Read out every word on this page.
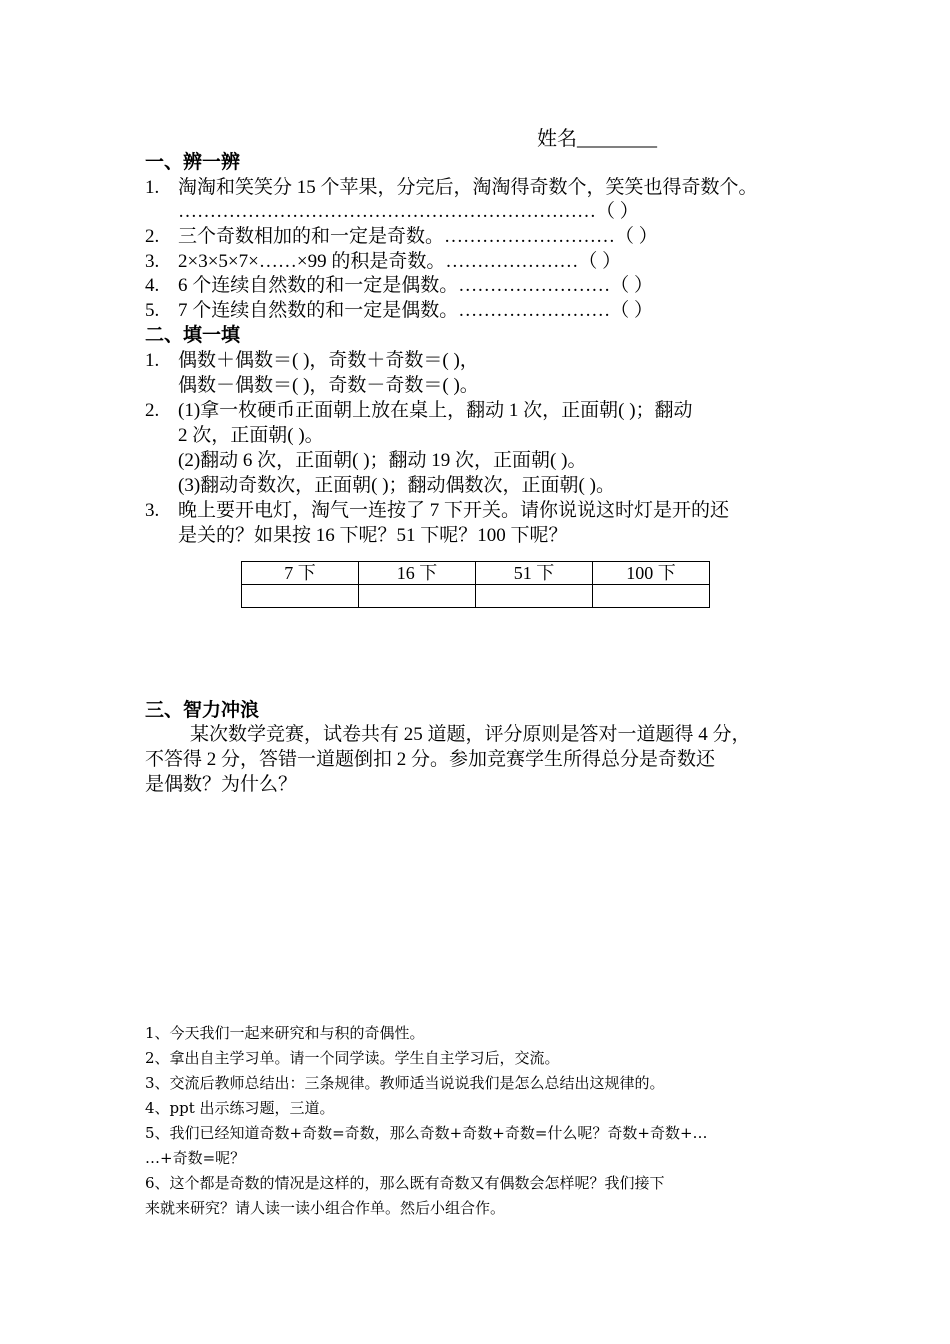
姓名________
一、辨一辨
1. 淘淘和笑笑分 15 个苹果，分完后，淘淘得奇数个，笑笑也得奇数个。
…………………………………………………………（ ）
2. 三个奇数相加的和一定是奇数。………………………（ ）
3. 2×3×5×7×……×99 的积是奇数。…………………（ ）
4. 6 个连续自然数的和一定是偶数。……………………（ ）
5. 7 个连续自然数的和一定是偶数。……………………（ ）
二、填一填
1. 偶数＋偶数＝( )，奇数＋奇数＝( )，
偶数－偶数＝( )，奇数－奇数＝( )。
2. (1)拿一枚硬币正面朝上放在桌上，翻动 1 次，正面朝( )；翻动
2 次，正面朝( )。
(2)翻动 6 次，正面朝( )；翻动 19 次，正面朝( )。
(3)翻动奇数次，正面朝( )；翻动偶数次，正面朝( )。
3. 晚上要开电灯，淘气一连按了 7 下开关。请你说说这时灯是开的还
是关的？如果按 16 下呢？51 下呢？100 下呢？
7 下	16 下	51 下	100 下

三、智力冲浪
某次数学竞赛，试卷共有 25 道题，评分原则是答对一道题得 4 分，
不答得 2 分，答错一道题倒扣 2 分。参加竞赛学生所得总分是奇数还
是偶数？为什么？
1、今天我们一起来研究和与积的奇偶性。
2、拿出自主学习单。请一个同学读。学生自主学习后，交流。
3、交流后教师总结出：三条规律。教师适当说说我们是怎么总结出这规律的。
4、ppt 出示练习题，三道。
5、我们已经知道奇数+奇数=奇数，那么奇数+奇数+奇数=什么呢？奇数+奇数+…
…+奇数=呢？
6、这个都是奇数的情况是这样的，那么既有奇数又有偶数会怎样呢？我们接下
来就来研究？请人读一读小组合作单。然后小组合作。
